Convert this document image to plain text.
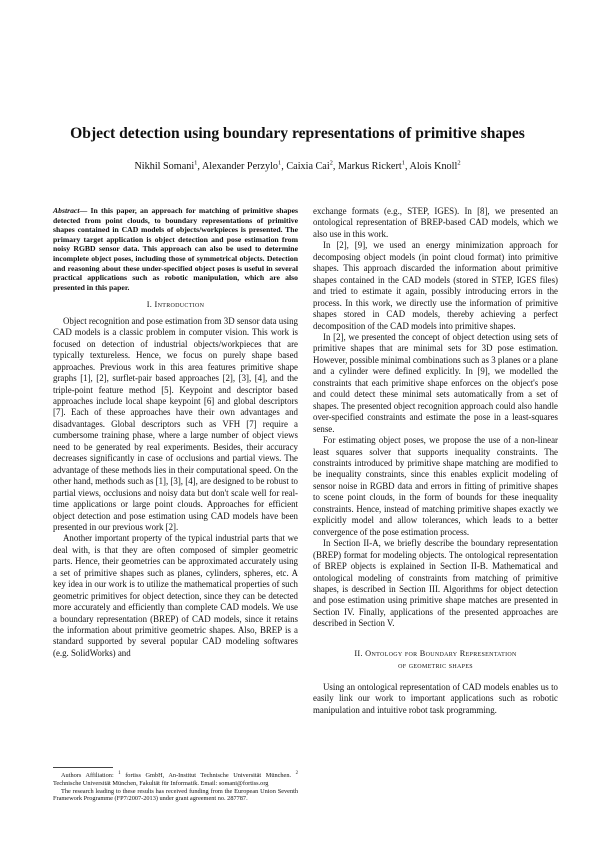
Object detection using boundary representations of primitive shapes
Nikhil Somani$^1$, Alexander Perzylo$^1$, Caixia Cai$^2$, Markus Rickert$^1$, Alois Knoll$^2$
Abstract— In this paper, an approach for matching of primitive shapes detected from point clouds, to boundary representations of primitive shapes contained in CAD models of objects/workpieces is presented. The primary target application is object detection and pose estimation from noisy RGBD sensor data. This approach can also be used to determine incomplete object poses, including those of symmetrical objects. Detection and reasoning about these under-specified object poses is useful in several practical applications such as robotic manipulation, which are also presented in this paper.
I. Introduction

Object recognition and pose estimation from 3D sensor data using CAD models is a classic problem in computer vision. This work is focused on detection of industrial objects/workpieces that are typically textureless. Hence, we focus on purely shape based approaches. Previous work in this area features primitive shape graphs [1], [2], surflet-pair based approaches [2], [3], [4], and the triple-point feature method [5]. Keypoint and descriptor based approaches include local shape keypoint [6] and global descriptors [7]. Each of these approaches have their own advantages and disadvantages. Global descriptors such as VFH [7] require a cumbersome training phase, where a large number of object views need to be generated by real experiments. Besides, their accuracy decreases significantly in case of occlusions and partial views. The advantage of these methods lies in their computational speed. On the other hand, methods such as [1], [3], [4], are designed to be robust to partial views, occlusions and noisy data but don't scale well for real-time applications or large point clouds. Approaches for efficient object detection and pose estimation using CAD models have been presented in our previous work [2].

Another important property of the typical industrial parts that we deal with, is that they are often composed of simpler geometric parts. Hence, their geometries can be approximated accurately using a set of primitive shapes such as planes, cylinders, spheres, etc. A key idea in our work is to utilize the mathematical properties of such geometric primitives for object detection, since they can be detected more accurately and efficiently than complete CAD models. We use a boundary representation (BREP) of CAD models, since it retains the information about primitive geometric shapes. Also, BREP is a standard supported by several popular CAD modeling softwares (e.g. SolidWorks) and

exchange formats (e.g., STEP, IGES). In [8], we presented an ontological representation of BREP-based CAD models, which we also use in this work.

In [2], [9], we used an energy minimization approach for decomposing object models (in point cloud format) into primitive shapes. This approach discarded the information about primitive shapes contained in the CAD models (stored in STEP, IGES files) and tried to estimate it again, possibly introducing errors in the process. In this work, we directly use the information of primitive shapes stored in CAD models, thereby achieving a perfect decomposition of the CAD models into primitive shapes.

In [2], we presented the concept of object detection using sets of primitive shapes that are minimal sets for 3D pose estimation. However, possible minimal combinations such as 3 planes or a plane and a cylinder were defined explicitly. In [9], we modelled the constraints that each primitive shape enforces on the object's pose and could detect these minimal sets automatically from a set of shapes. The presented object recognition approach could also handle over-specified constraints and estimate the pose in a least-squares sense.

For estimating object poses, we propose the use of a non-linear least squares solver that supports inequality constraints. The constraints introduced by primitive shape matching are modified to be inequality constraints, since this enables explicit modeling of sensor noise in RGBD data and errors in fitting of primitive shapes to scene point clouds, in the form of bounds for these inequality constraints. Hence, instead of matching primitive shapes exactly we explicitly model and allow tolerances, which leads to a better convergence of the pose estimation process.

In Section II-A, we briefly describe the boundary representation (BREP) format for modeling objects. The ontological representation of BREP objects is explained in Section II-B. Mathematical and ontological modeling of constraints from matching of primitive shapes, is described in Section III. Algorithms for object detection and pose estimation using primitive shape matches are presented in Section IV. Finally, applications of the presented approaches are described in Section V.

II. Ontology for Boundary Representation
of geometric shapes

Using an ontological representation of CAD models enables us to easily link our work to important applications such as robotic manipulation and intuitive robot task programming.

Authors Affiliation: $^1$ fortiss GmbH, An-Institut Technische Universität München. $^2$ Technische Universität München, Fakultät für Informatik. Email: somani@fortiss.org

The research leading to these results has received funding from the European Union Seventh Framework Programme (FP7/2007-2013) under grant agreement no. 287787.
